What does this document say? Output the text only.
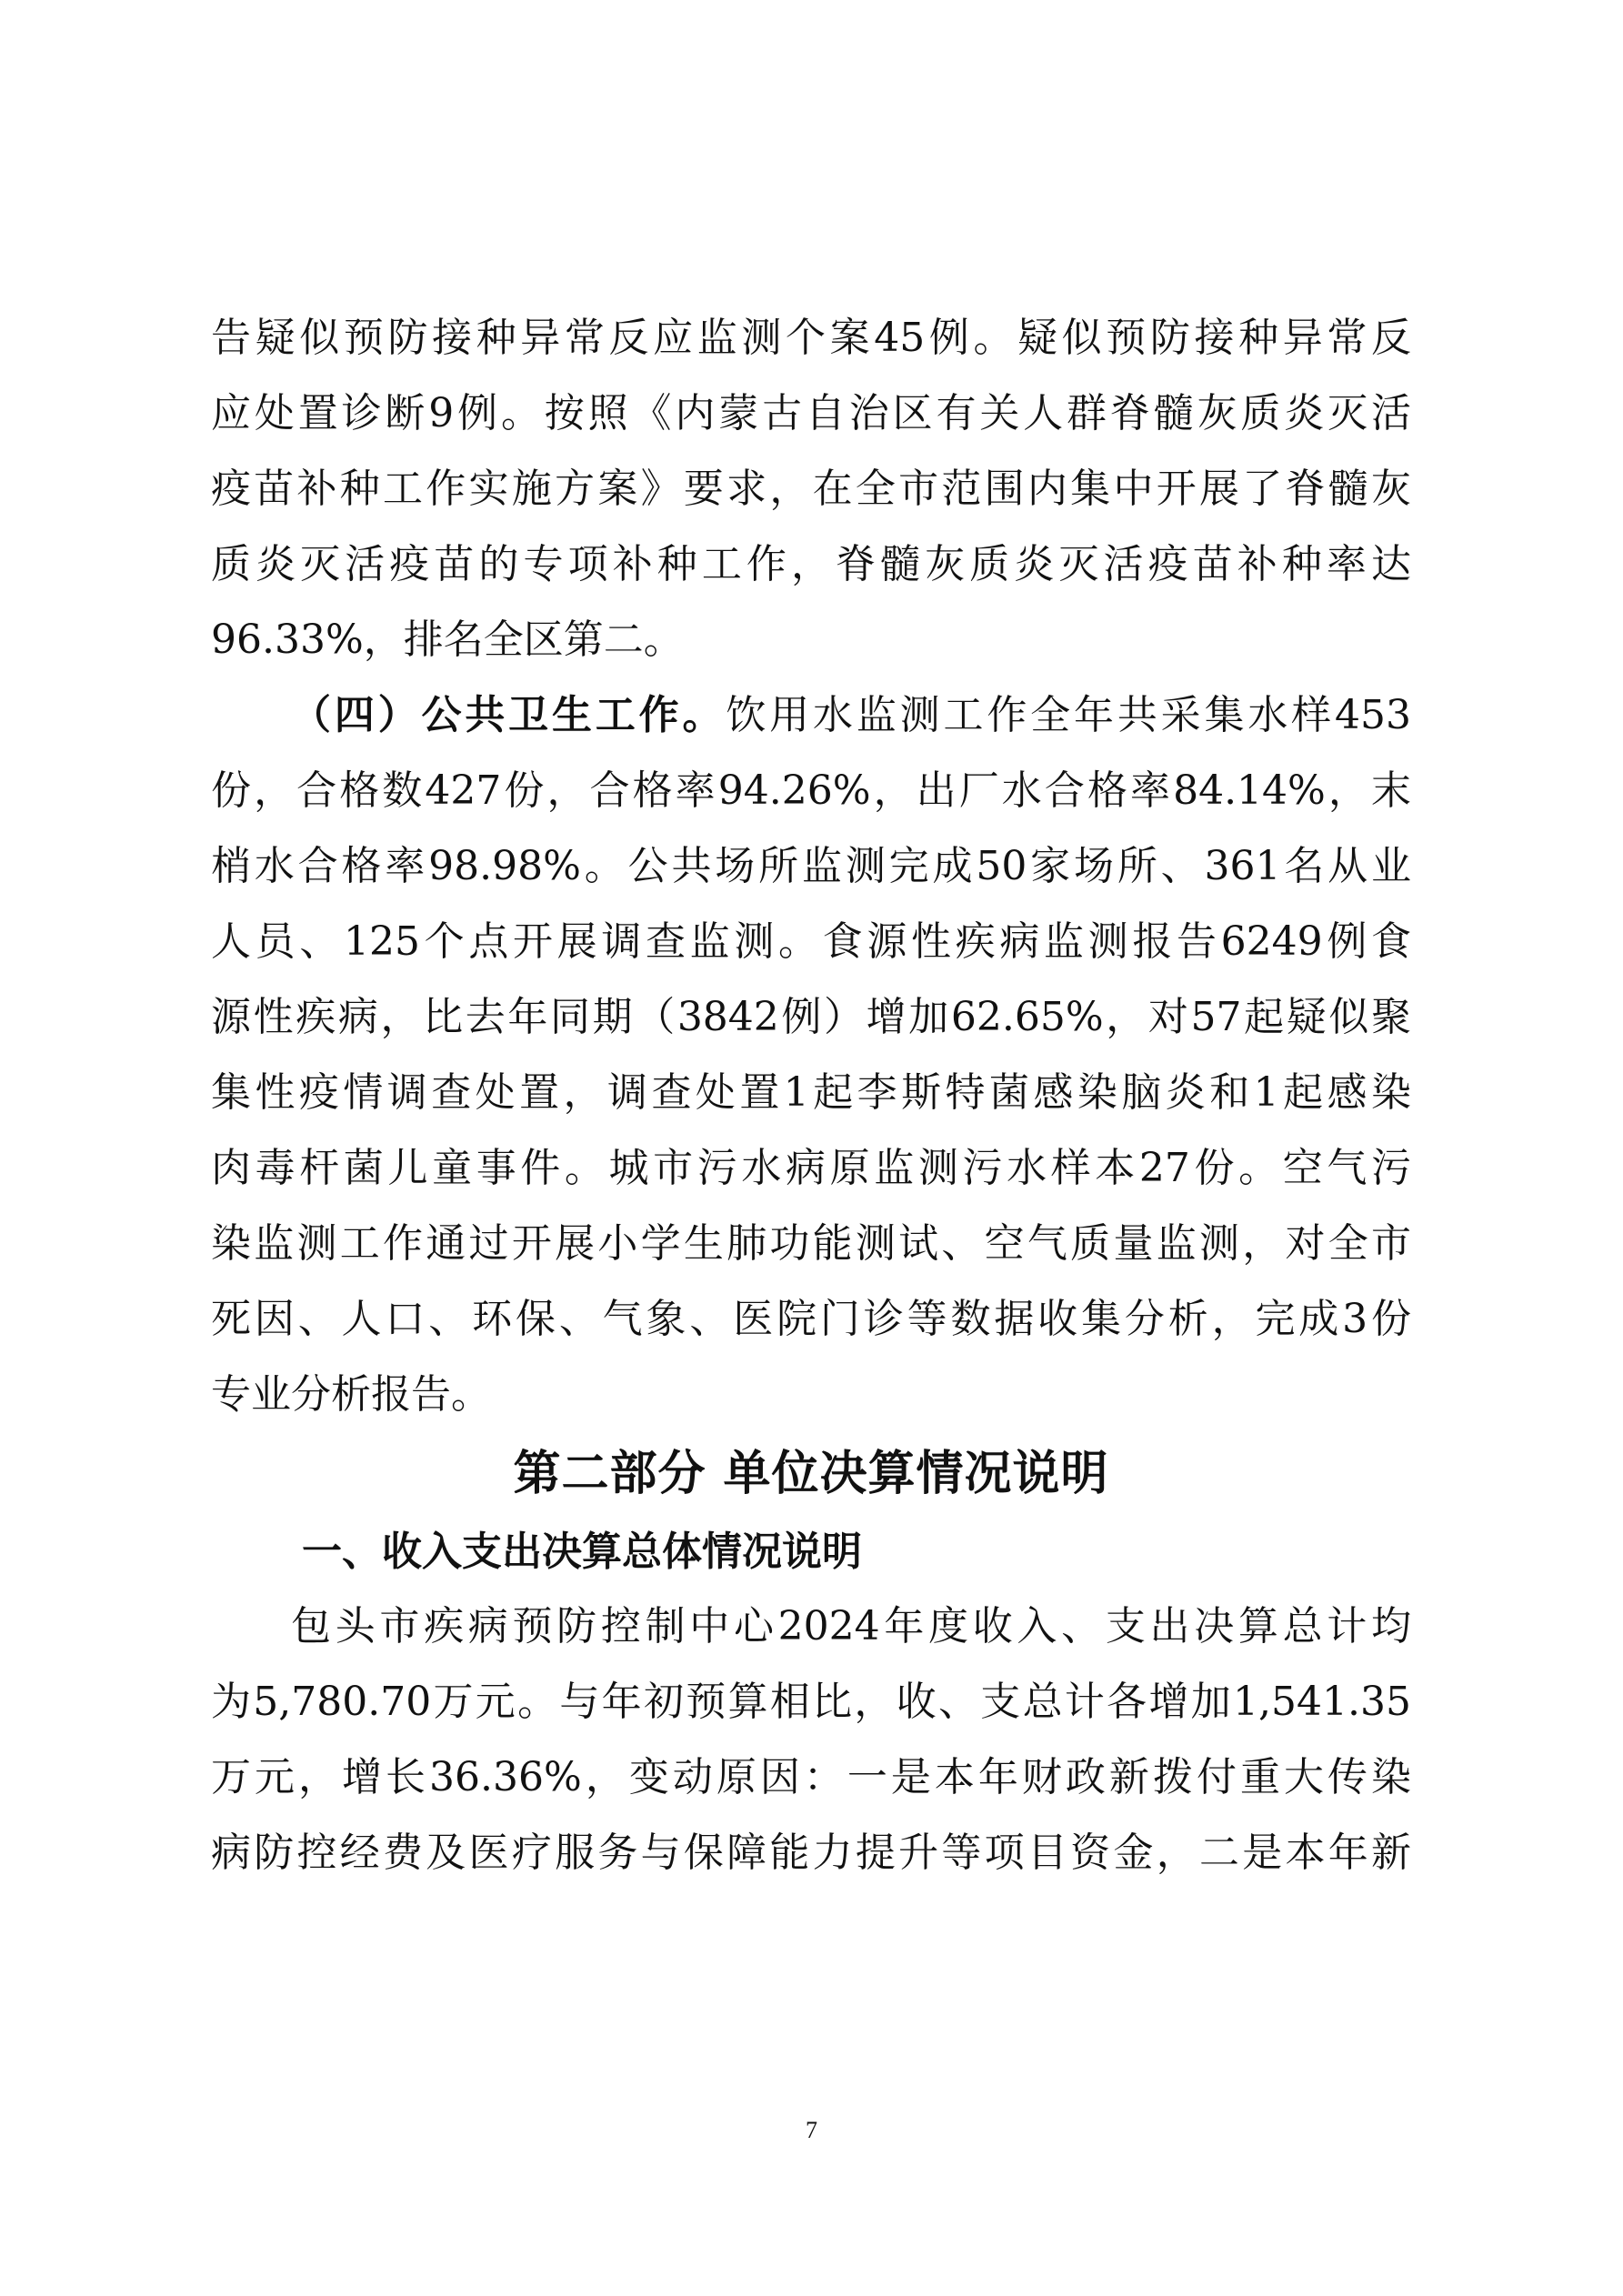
告疑似预防接种异常反应监测个案45例。疑似预防接种异常反
应处置诊断9例。按照《内蒙古自治区有关人群脊髓灰质炎灭活
疫苗补种工作实施方案》要求，在全市范围内集中开展了脊髓灰
质炎灭活疫苗的专项补种工作，脊髓灰质炎灭活疫苗补种率达
96.33%，排名全区第二。
（四）公共卫生工作。饮用水监测工作全年共采集水样453
份，合格数427份，合格率94.26%，出厂水合格率84.14%，末
梢水合格率98.98%。公共场所监测完成50家场所、361名从业
人员、125个点开展调查监测。食源性疾病监测报告6249例食
源性疾病，比去年同期（3842例）增加62.65%，对57起疑似聚
集性疫情调查处置，调查处置1起李斯特菌感染脑炎和1起感染
肉毒杆菌儿童事件。城市污水病原监测污水样本27份。空气污
染监测工作通过开展小学生肺功能测试、空气质量监测，对全市
死因、人口、环保、气象、医院门诊等数据收集分析，完成3份
专业分析报告。
第二部分 单位决算情况说明
一、收入支出决算总体情况说明
包头市疾病预防控制中心2024年度收入、支出决算总计均
为5,780.70万元。与年初预算相比，收、支总计各增加1,541.35
万元，增长36.36%，变动原因：一是本年财政新拨付重大传染
病防控经费及医疗服务与保障能力提升等项目资金，二是本年新
7
